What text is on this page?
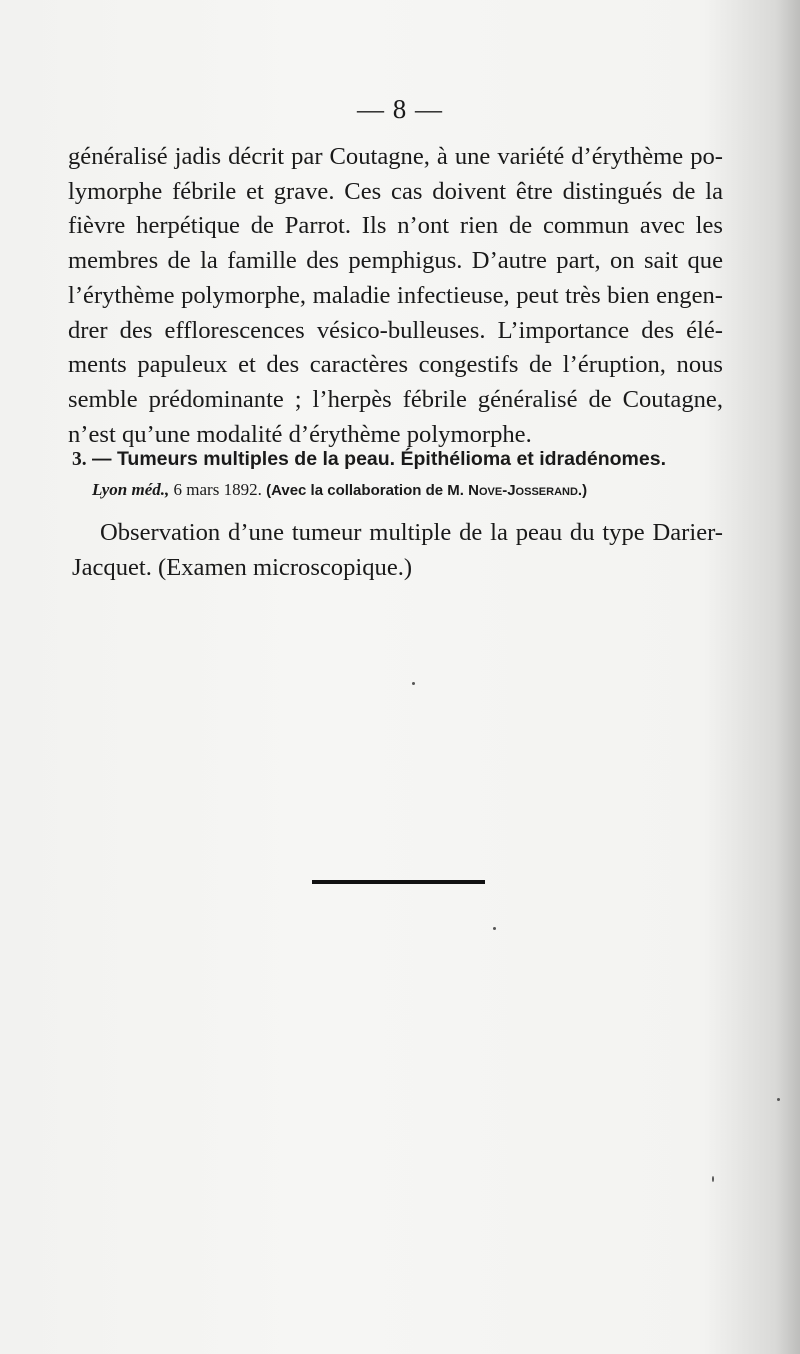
— 8 —

généralisé jadis décrit par Coutagne, à une variété d’érythème po-
lymorphe fébrile et grave. Ces cas doivent être distingués de la
fièvre herpétique de Parrot. Ils n’ont rien de commun avec les
membres de la famille des pemphigus. D’autre part, on sait que
l’érythème polymorphe, maladie infectieuse, peut très bien engen-
drer des efflorescences vésico-bulleuses. L’importance des élé-
ments papuleux et des caractères congestifs de l’éruption, nous
semble prédominante ; l’herpès fébrile généralisé de Coutagne,
n’est qu’une modalité d’érythème polymorphe.

3. — Tumeurs multiples de la peau. Épithélioma et idradénomes.
Lyon méd., 6 mars 1892. (Avec la collaboration de M. Nove-Josserand.)

Observation d’une tumeur multiple de la peau du type Darier-
Jacquet. (Examen microscopique.)
